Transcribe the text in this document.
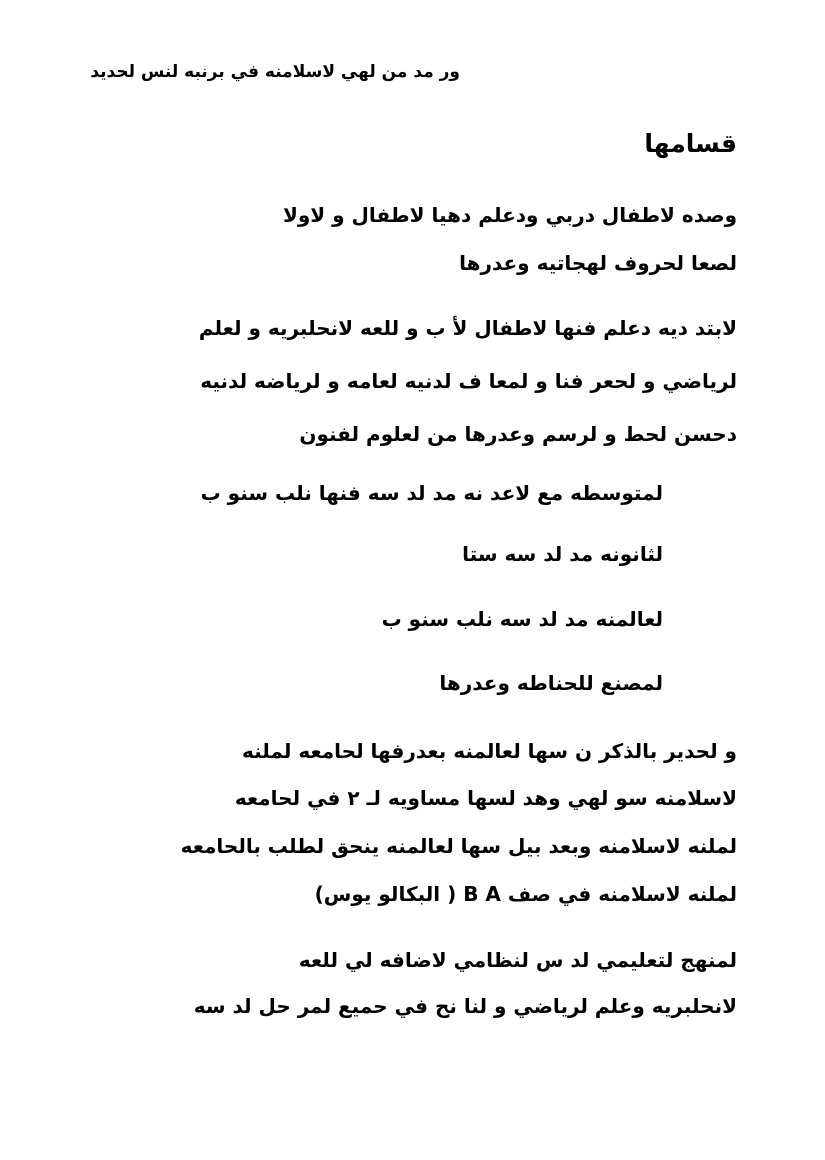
ور مد من لهي لاسلامنه في برنبه لنس لحديد
قسامها
وصده لاطفال دربي ودعلم دهيا لاطفال و لاولا
لصعا لحروف لهجاتيه وعدرها
لابتد ديه دعلم فنها لاطفال لأ ب و للعه لانحلبريه و لعلم
لرياضي و لحعر فنا و لمعا ف لدنيه لعامه و لرياضه لدنيه
دحسن لحط و لرسم وعدرها من لعلوم لفنون
لمتوسطه مع لاعد نه مد لد سه فنها نلب سنو ب
لثانونه مد لد سه ستا
لعالمنه مد لد سه نلب سنو ب
لمصنع للحناطه وعدرها
و لحدير بالذكر ن سها لعالمنه بعدرفها لحامعه لملنه
لاسلامنه سو لهي وهد لسها مساويه لـ ٢ في لحامعه
لملنه لاسلامنه وبعد بيل سها لعالمنه ينحق لطلب بالحامعه
لملنه لاسلامنه في صف B A ( البكالو يوس)
لمنهج لتعليمي لد س لنظامي لاضافه لي للعه
لانحلبريه وعلم لرياضي و لنا نح في حميع لمر حل لد سه
